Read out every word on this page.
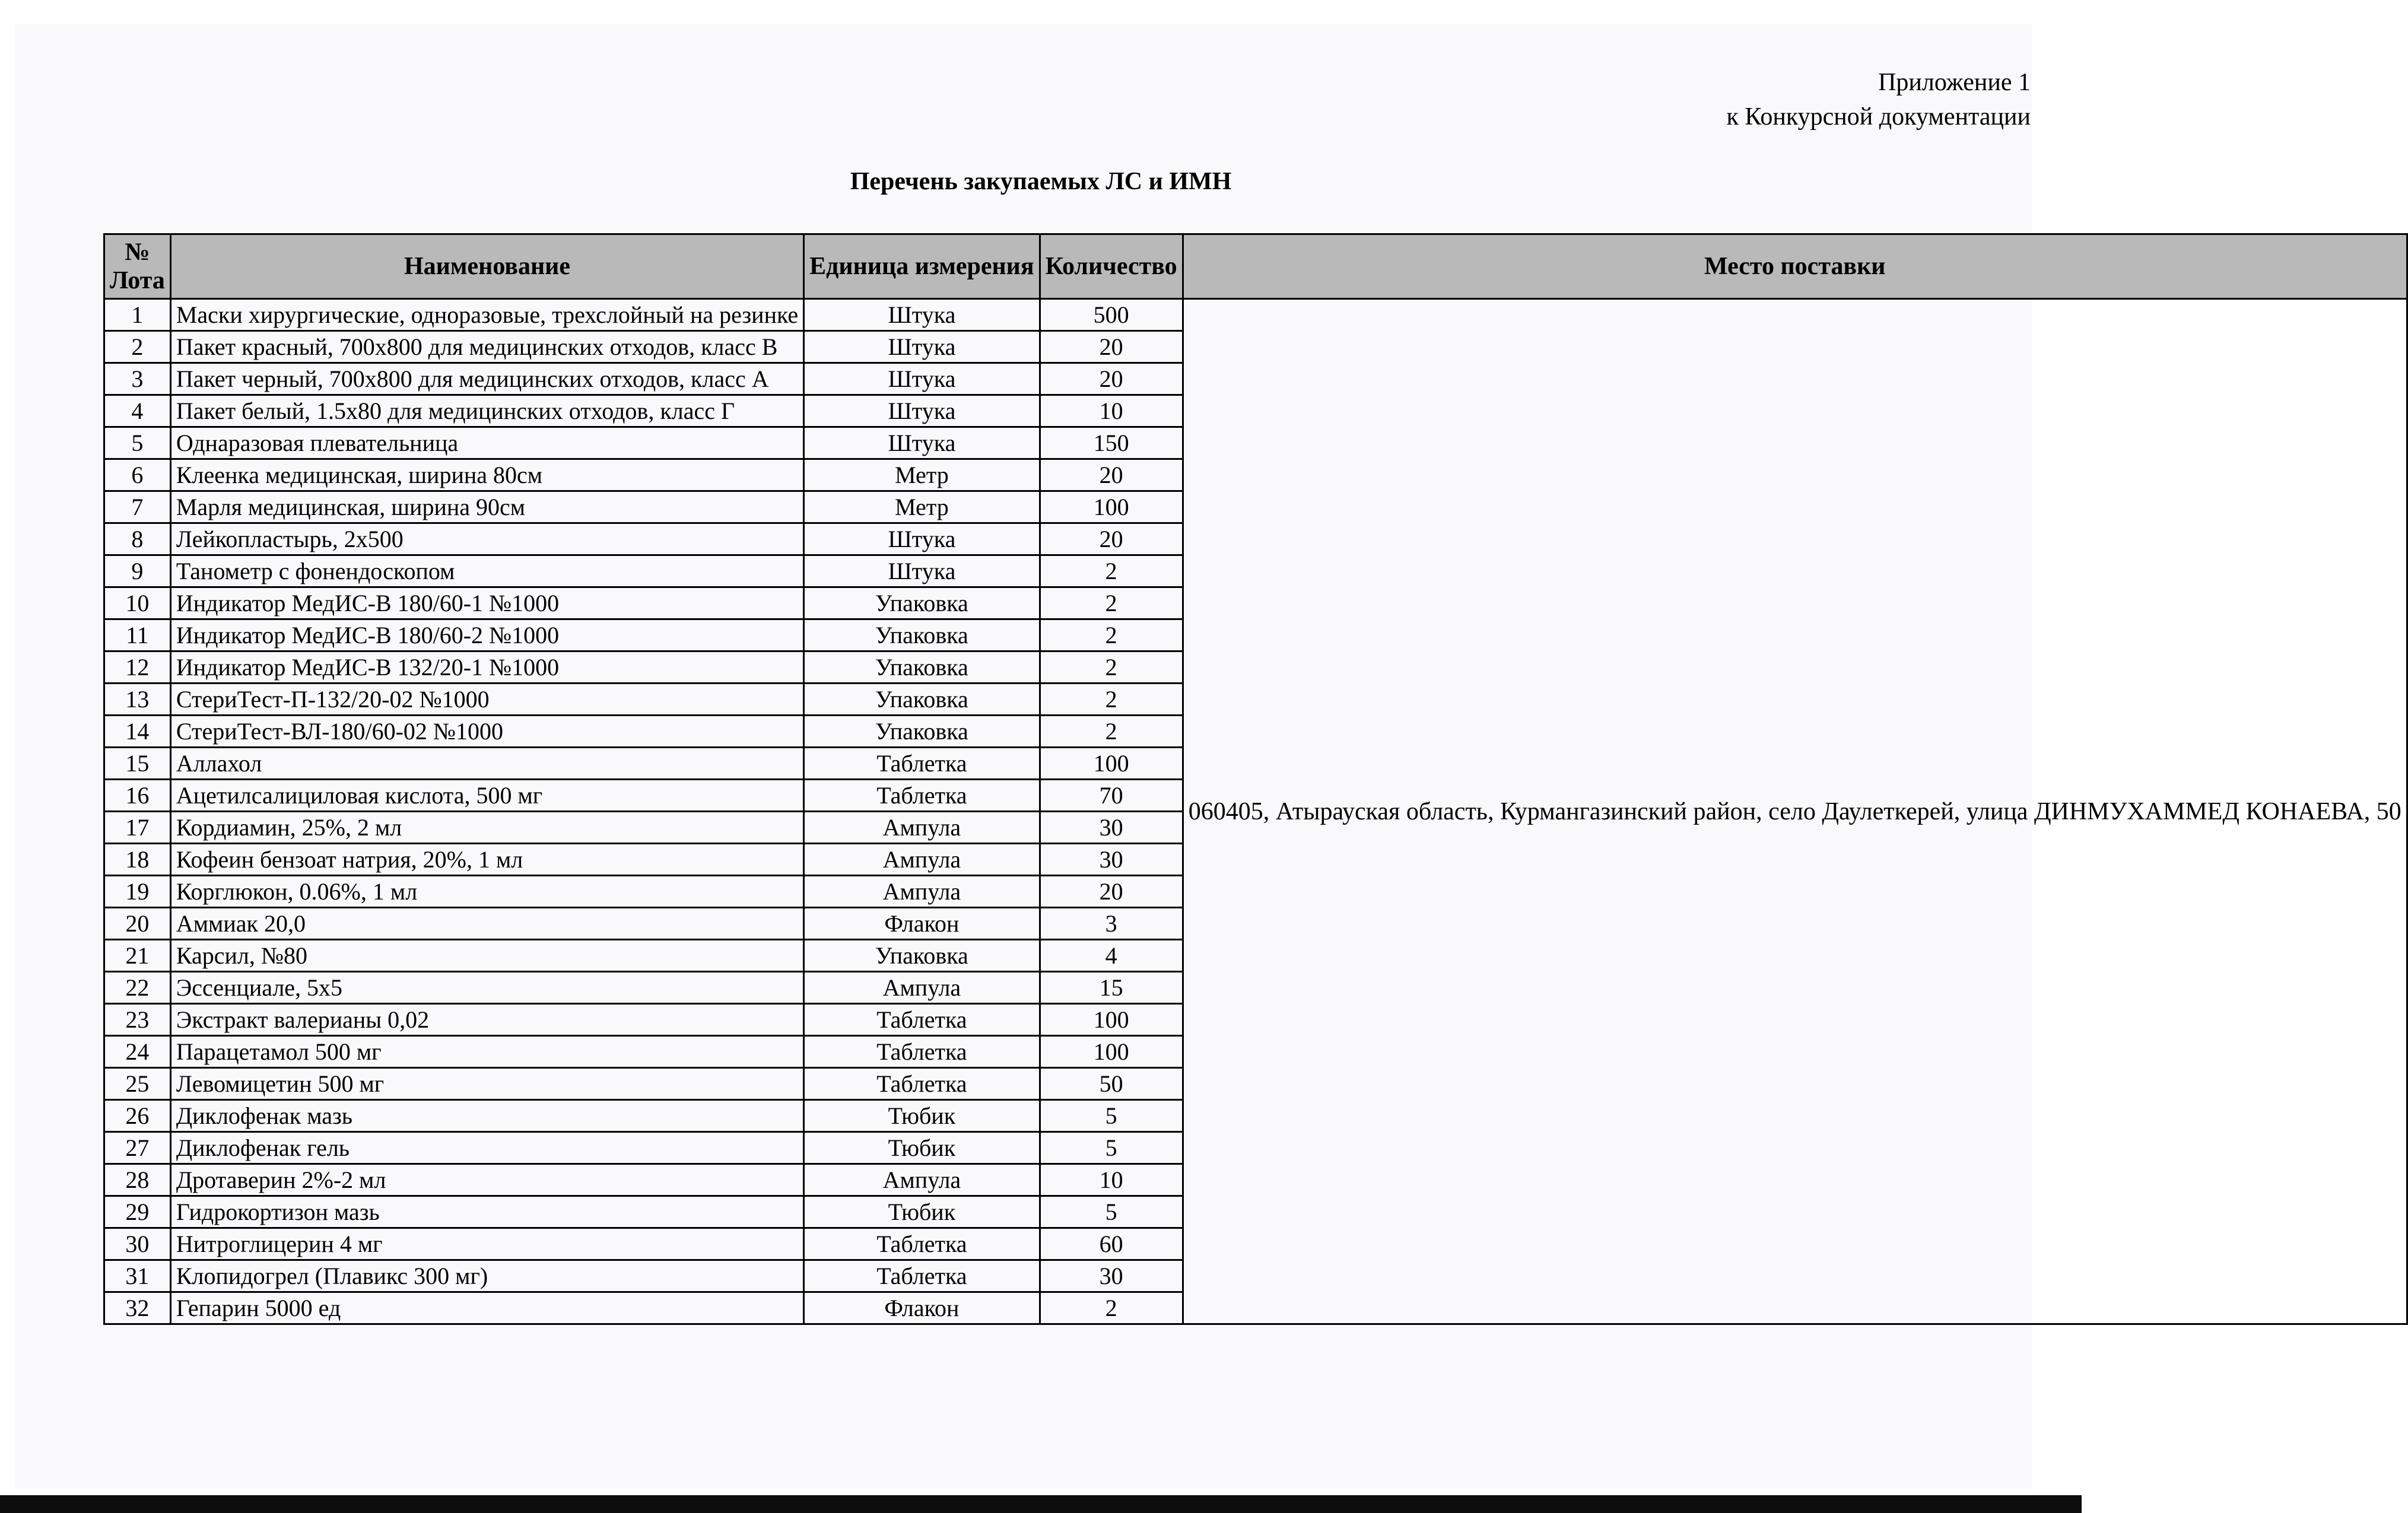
Приложение 1
к Конкурсной документации
Перечень закупаемых ЛС и ИМН
№
Лота	Наименование	Единица измерения	Количество	Место поставки
1	Маски хирургические, одноразовые, трехслойный на резинке	Штука	500	060405, Атырауская область, Курмангазинский район, село Даулеткерей, улица ДИНМУХАММЕД КОНАЕВА, 50
2	Пакет красный, 700х800 для медицинских отходов, класс В	Штука	20	
3	Пакет черный, 700х800 для медицинских отходов, класс А	Штука	20	
4	Пакет белый, 1.5х80 для медицинских отходов, класс Г	Штука	10	
5	Однаразовая плевательница	Штука	150	
6	Клеенка медицинская, ширина 80см	Метр	20	
7	Марля медицинская, ширина 90см	Метр	100	
8	Лейкопластырь, 2х500	Штука	20	
9	Танометр с фонендоскопом	Штука	2	
10	Индикатор МедИС-В 180/60-1 №1000	Упаковка	2	
11	Индикатор МедИС-В 180/60-2 №1000	Упаковка	2	
12	Индикатор МедИС-В 132/20-1 №1000	Упаковка	2	
13	СтериТест-П-132/20-02 №1000	Упаковка	2	
14	СтериТест-ВЛ-180/60-02 №1000	Упаковка	2	
15	Аллахол	Таблетка	100	
16	Ацетилсалициловая кислота, 500 мг	Таблетка	70	
17	Кордиамин, 25%, 2 мл	Ампула	30	
18	Кофеин бензоат натрия, 20%, 1 мл	Ампула	30	
19	Корглюкон, 0.06%, 1 мл	Ампула	20	
20	Аммиак 20,0	Флакон	3	
21	Карсил, №80	Упаковка	4	
22	Эссенциале, 5х5	Ампула	15	
23	Экстракт валерианы 0,02	Таблетка	100	
24	Парацетамол 500 мг	Таблетка	100	
25	Левомицетин 500 мг	Таблетка	50	
26	Диклофенак мазь	Тюбик	5	
27	Диклофенак гель	Тюбик	5	
28	Дротаверин 2%-2 мл	Ампула	10	
29	Гидрокортизон мазь	Тюбик	5	
30	Нитроглицерин 4 мг	Таблетка	60	
31	Клопидогрел (Плавикс 300 мг)	Таблетка	30	
32	Гепарин 5000 ед	Флакон	2	
